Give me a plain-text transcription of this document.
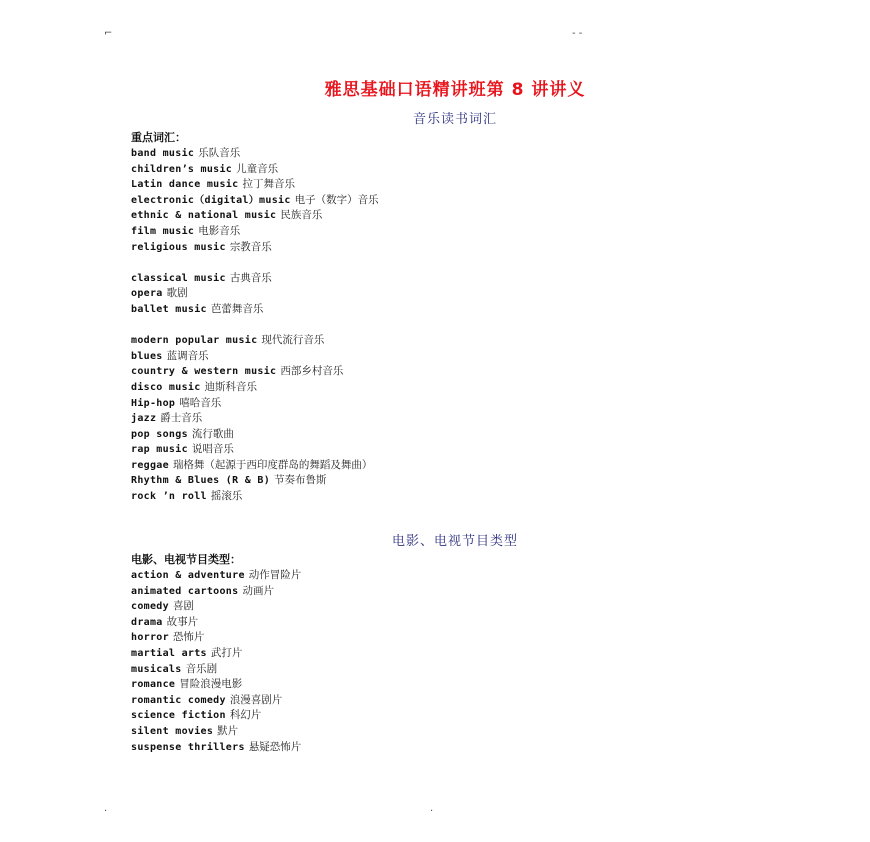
⌐	‐ ‐
·	·
雅思基础口语精讲班第 8 讲讲义
音乐读书词汇
重点词汇：
band music 乐队音乐
children’s music 儿童音乐
Latin dance music 拉丁舞音乐
electronic（digital）music 电子（数字）音乐
ethnic & national music 民族音乐
film music 电影音乐
religious music 宗教音乐
classical music 古典音乐
opera 歌剧
ballet music 芭蕾舞音乐
modern popular music 现代流行音乐
blues 蓝调音乐
country & western music 西部乡村音乐
disco music 迪斯科音乐
Hip-hop 嘻哈音乐
jazz 爵士音乐
pop songs 流行歌曲
rap music 说唱音乐
reggae 瑞格舞（起源于西印度群岛的舞蹈及舞曲）
Rhythm & Blues (R & B) 节奏布鲁斯
rock ’n roll 摇滚乐
电影、电视节目类型
电影、电视节目类型：
action & adventure 动作冒险片
animated cartoons 动画片
comedy 喜剧
drama 故事片
horror 恐怖片
martial arts 武打片
musicals 音乐剧
romance 冒险浪漫电影
romantic comedy 浪漫喜剧片
science fiction 科幻片
silent movies 默片
suspense thrillers 悬疑恐怖片
